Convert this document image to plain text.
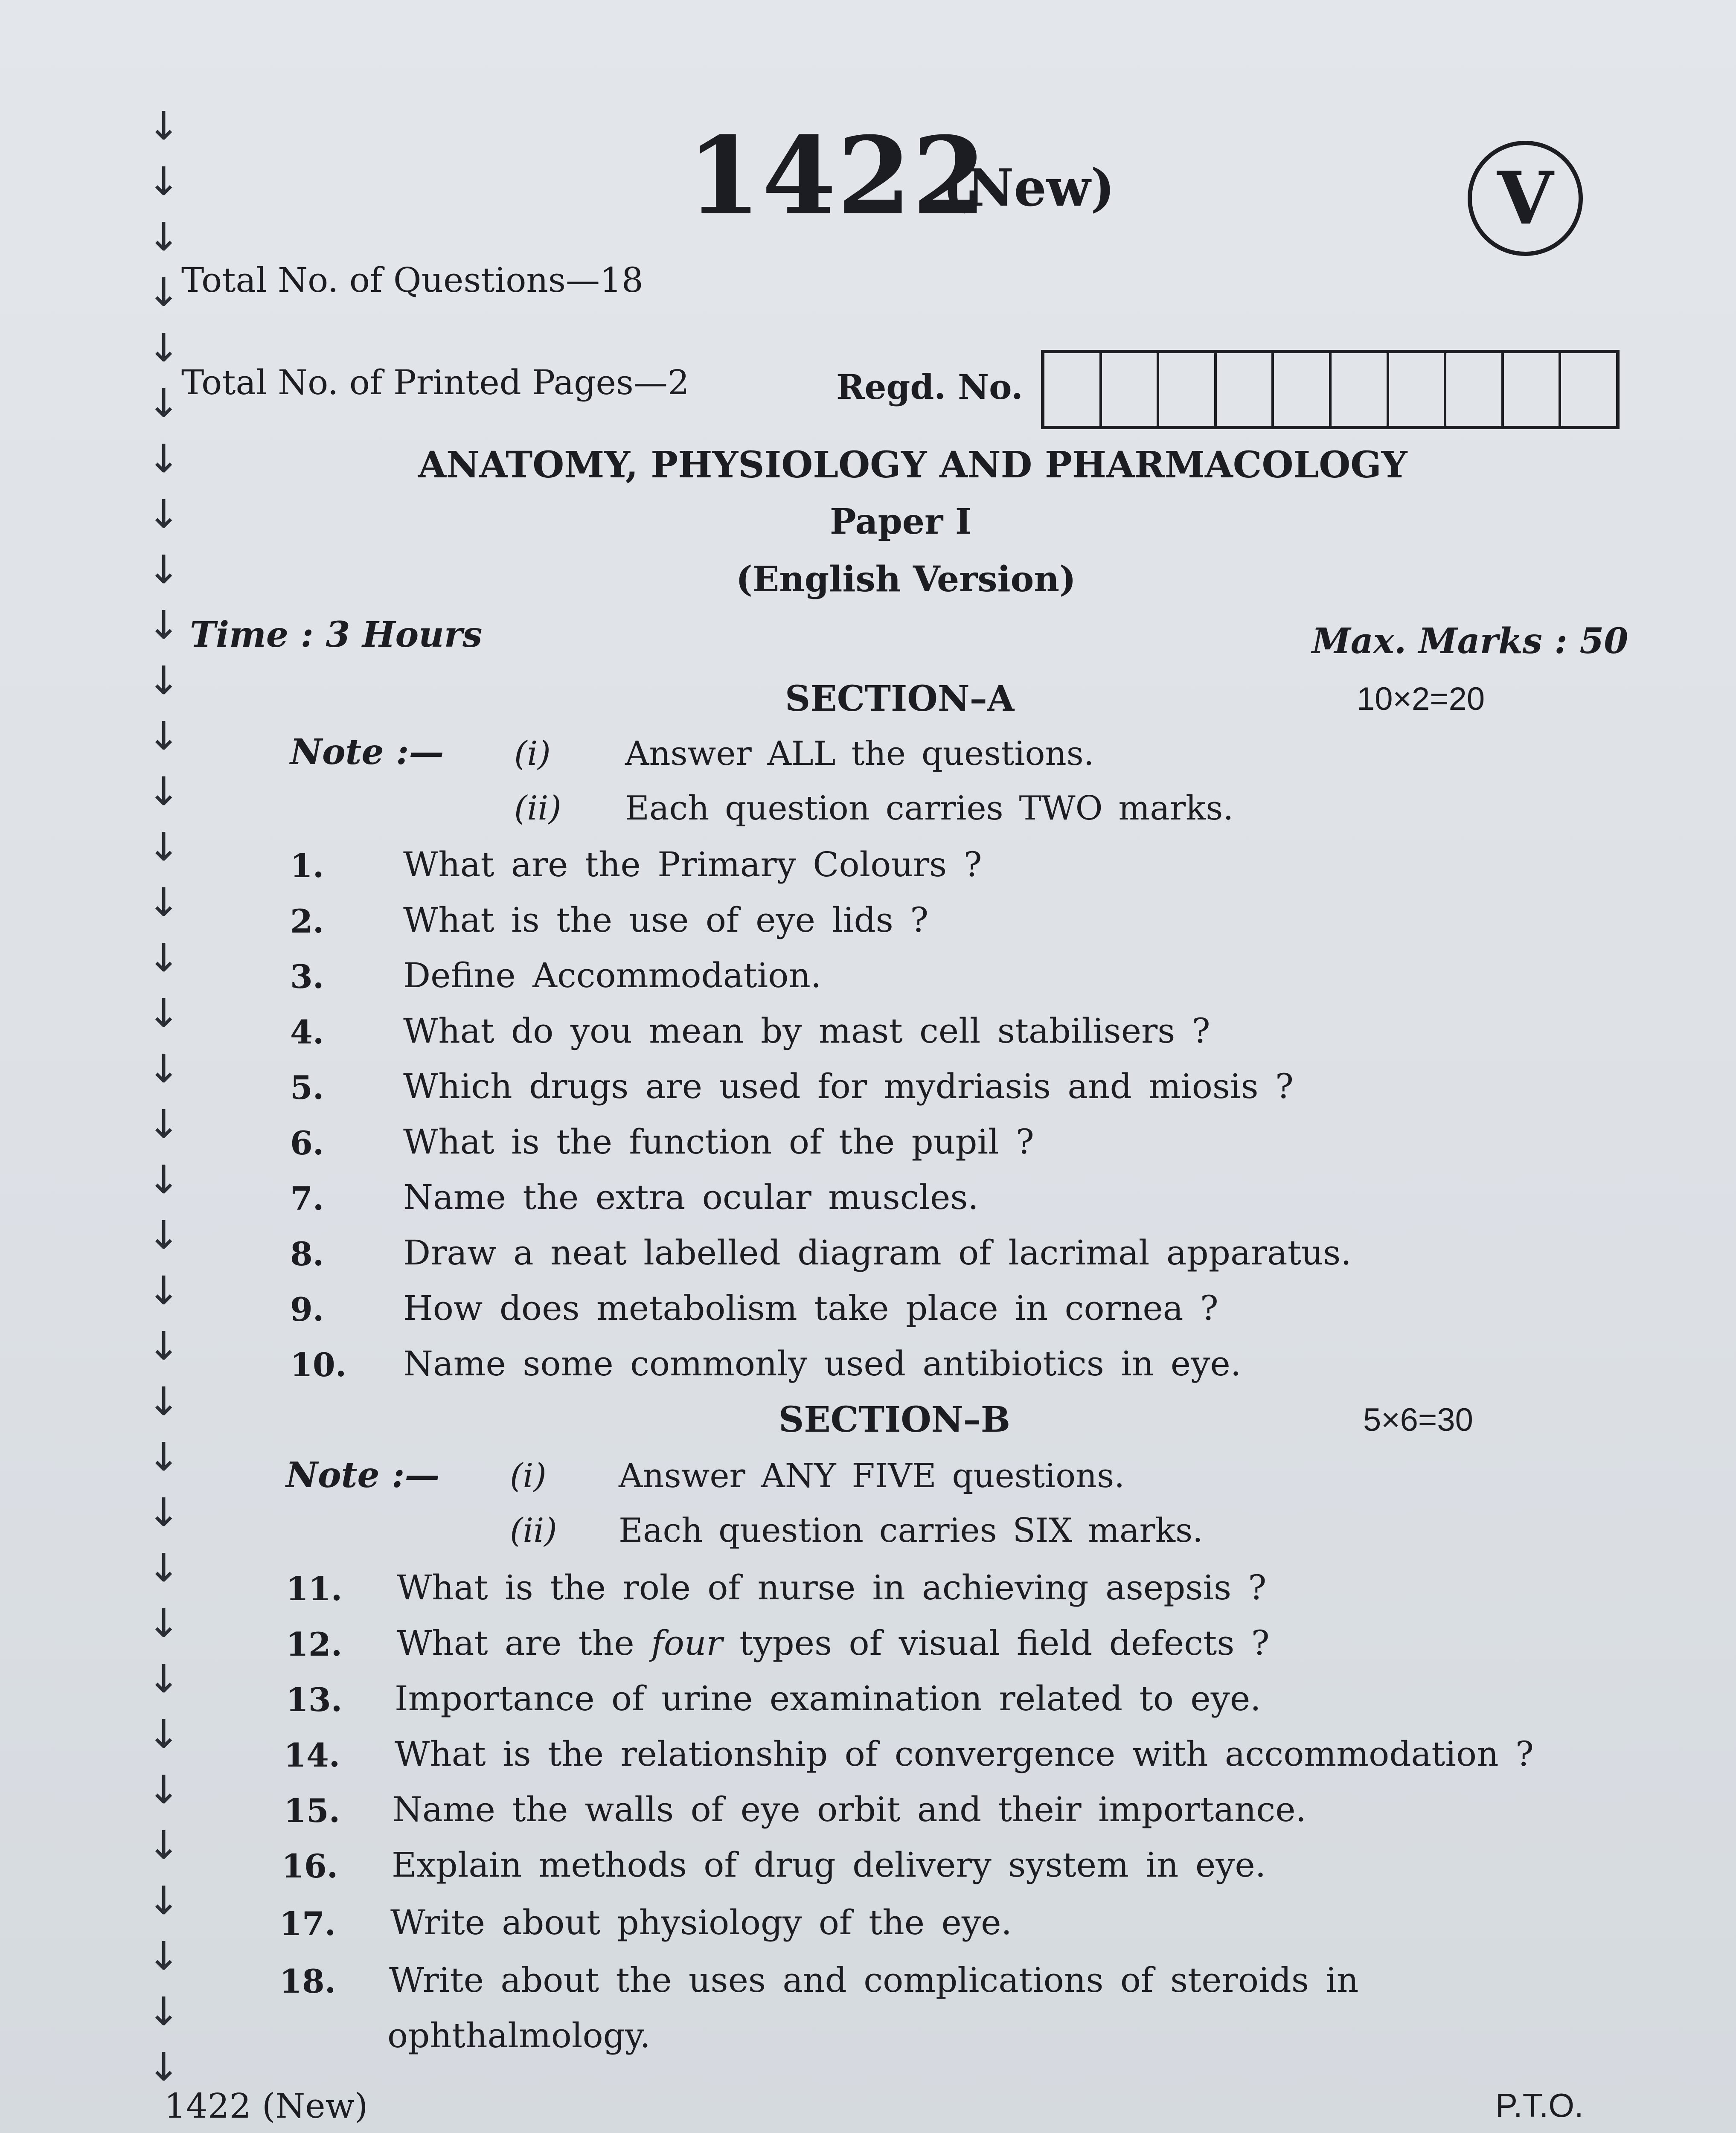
↓
↓
↓
↓
↓
↓
↓
↓
↓
↓
↓
↓
↓
↓
↓
↓
↓
↓
↓
↓
↓
↓
↓
↓
↓
↓
↓
↓
↓
↓
↓
↓
↓
↓
↓
↓
1422
(New)	V
Total No. of Questions—18
Total No. of Printed Pages—2	Regd. No.
ANATOMY, PHYSIOLOGY AND PHARMACOLOGY
Paper I
(English Version)
Time : 3 Hours	Max. Marks : 50
SECTION–A	10×2=20
Note :— (i) Answer ALL the questions.
(ii) Each question carries TWO marks.
1. What are the Primary Colours ?
2. What is the use of eye lids ?
3. Define Accommodation.
4. What do you mean by mast cell stabilisers ?
5. Which drugs are used for mydriasis and miosis ?
6. What is the function of the pupil ?
7. Name the extra ocular muscles.
8. Draw a neat labelled diagram of lacrimal apparatus.
9. How does metabolism take place in cornea ?
10. Name some commonly used antibiotics in eye.
SECTION–B	5×6=30
Note :— (i) Answer ANY FIVE questions.
(ii) Each question carries SIX marks.
11. What is the role of nurse in achieving asepsis ?
12. What are the four types of visual field defects ?
13. Importance of urine examination related to eye.
14. What is the relationship of convergence with accommodation ?
15. Name the walls of eye orbit and their importance.
16. Explain methods of drug delivery system in eye.
17. Write about physiology of the eye.
18. Write about the uses and complications of steroids in
ophthalmology.
1422 (New)	P.T.O.
